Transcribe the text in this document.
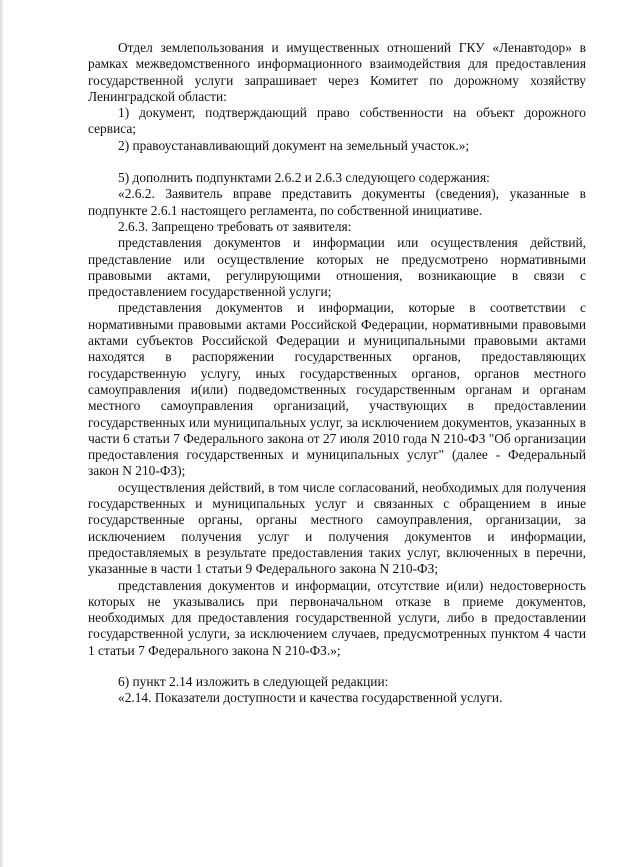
Отдел землепользования и имущественных отношений ГКУ «Ленавтодор» в рамках межведомственного информационного взаимодействия для предоставления государственной услуги запрашивает через Комитет по дорожному хозяйству Ленинградской области:

1) документ, подтверждающий право собственности на объект дорожного сервиса;

2) правоустанавливающий документ на земельный участок.»;

5) дополнить подпунктами 2.6.2 и 2.6.3 следующего содержания:

«2.6.2. Заявитель вправе представить документы (сведения), указанные в подпункте 2.6.1 настоящего регламента, по собственной инициативе.

2.6.3. Запрещено требовать от заявителя:

представления документов и информации или осуществления действий, представление или осуществление которых не предусмотрено нормативными правовыми актами, регулирующими отношения, возникающие в связи с предоставлением государственной услуги;

представления документов и информации, которые в соответствии с нормативными правовыми актами Российской Федерации, нормативными правовыми актами субъектов Российской Федерации и муниципальными правовыми актами находятся в распоряжении государственных органов, предоставляющих государственную услугу, иных государственных органов, органов местного самоуправления и(или) подведомственных государственным органам и органам местного самоуправления организаций, участвующих в предоставлении государственных или муниципальных услуг, за исключением документов, указанных в части 6 статьи 7 Федерального закона от 27 июля 2010 года N 210-ФЗ "Об организации предоставления государственных и муниципальных услуг" (далее - Федеральный закон N 210-ФЗ);

осуществления действий, в том числе согласований, необходимых для получения государственных и муниципальных услуг и связанных с обращением в иные государственные органы, органы местного самоуправления, организации, за исключением получения услуг и получения документов и информации, предоставляемых в результате предоставления таких услуг, включенных в перечни, указанные в части 1 статьи 9 Федерального закона N 210-ФЗ;

представления документов и информации, отсутствие и(или) недостоверность которых не указывались при первоначальном отказе в приеме документов, необходимых для предоставления государственной услуги, либо в предоставлении государственной услуги, за исключением случаев, предусмотренных пунктом 4 части 1 статьи 7 Федерального закона N 210-ФЗ.»;

6) пункт 2.14 изложить в следующей редакции:

«2.14. Показатели доступности и качества государственной услуги.
